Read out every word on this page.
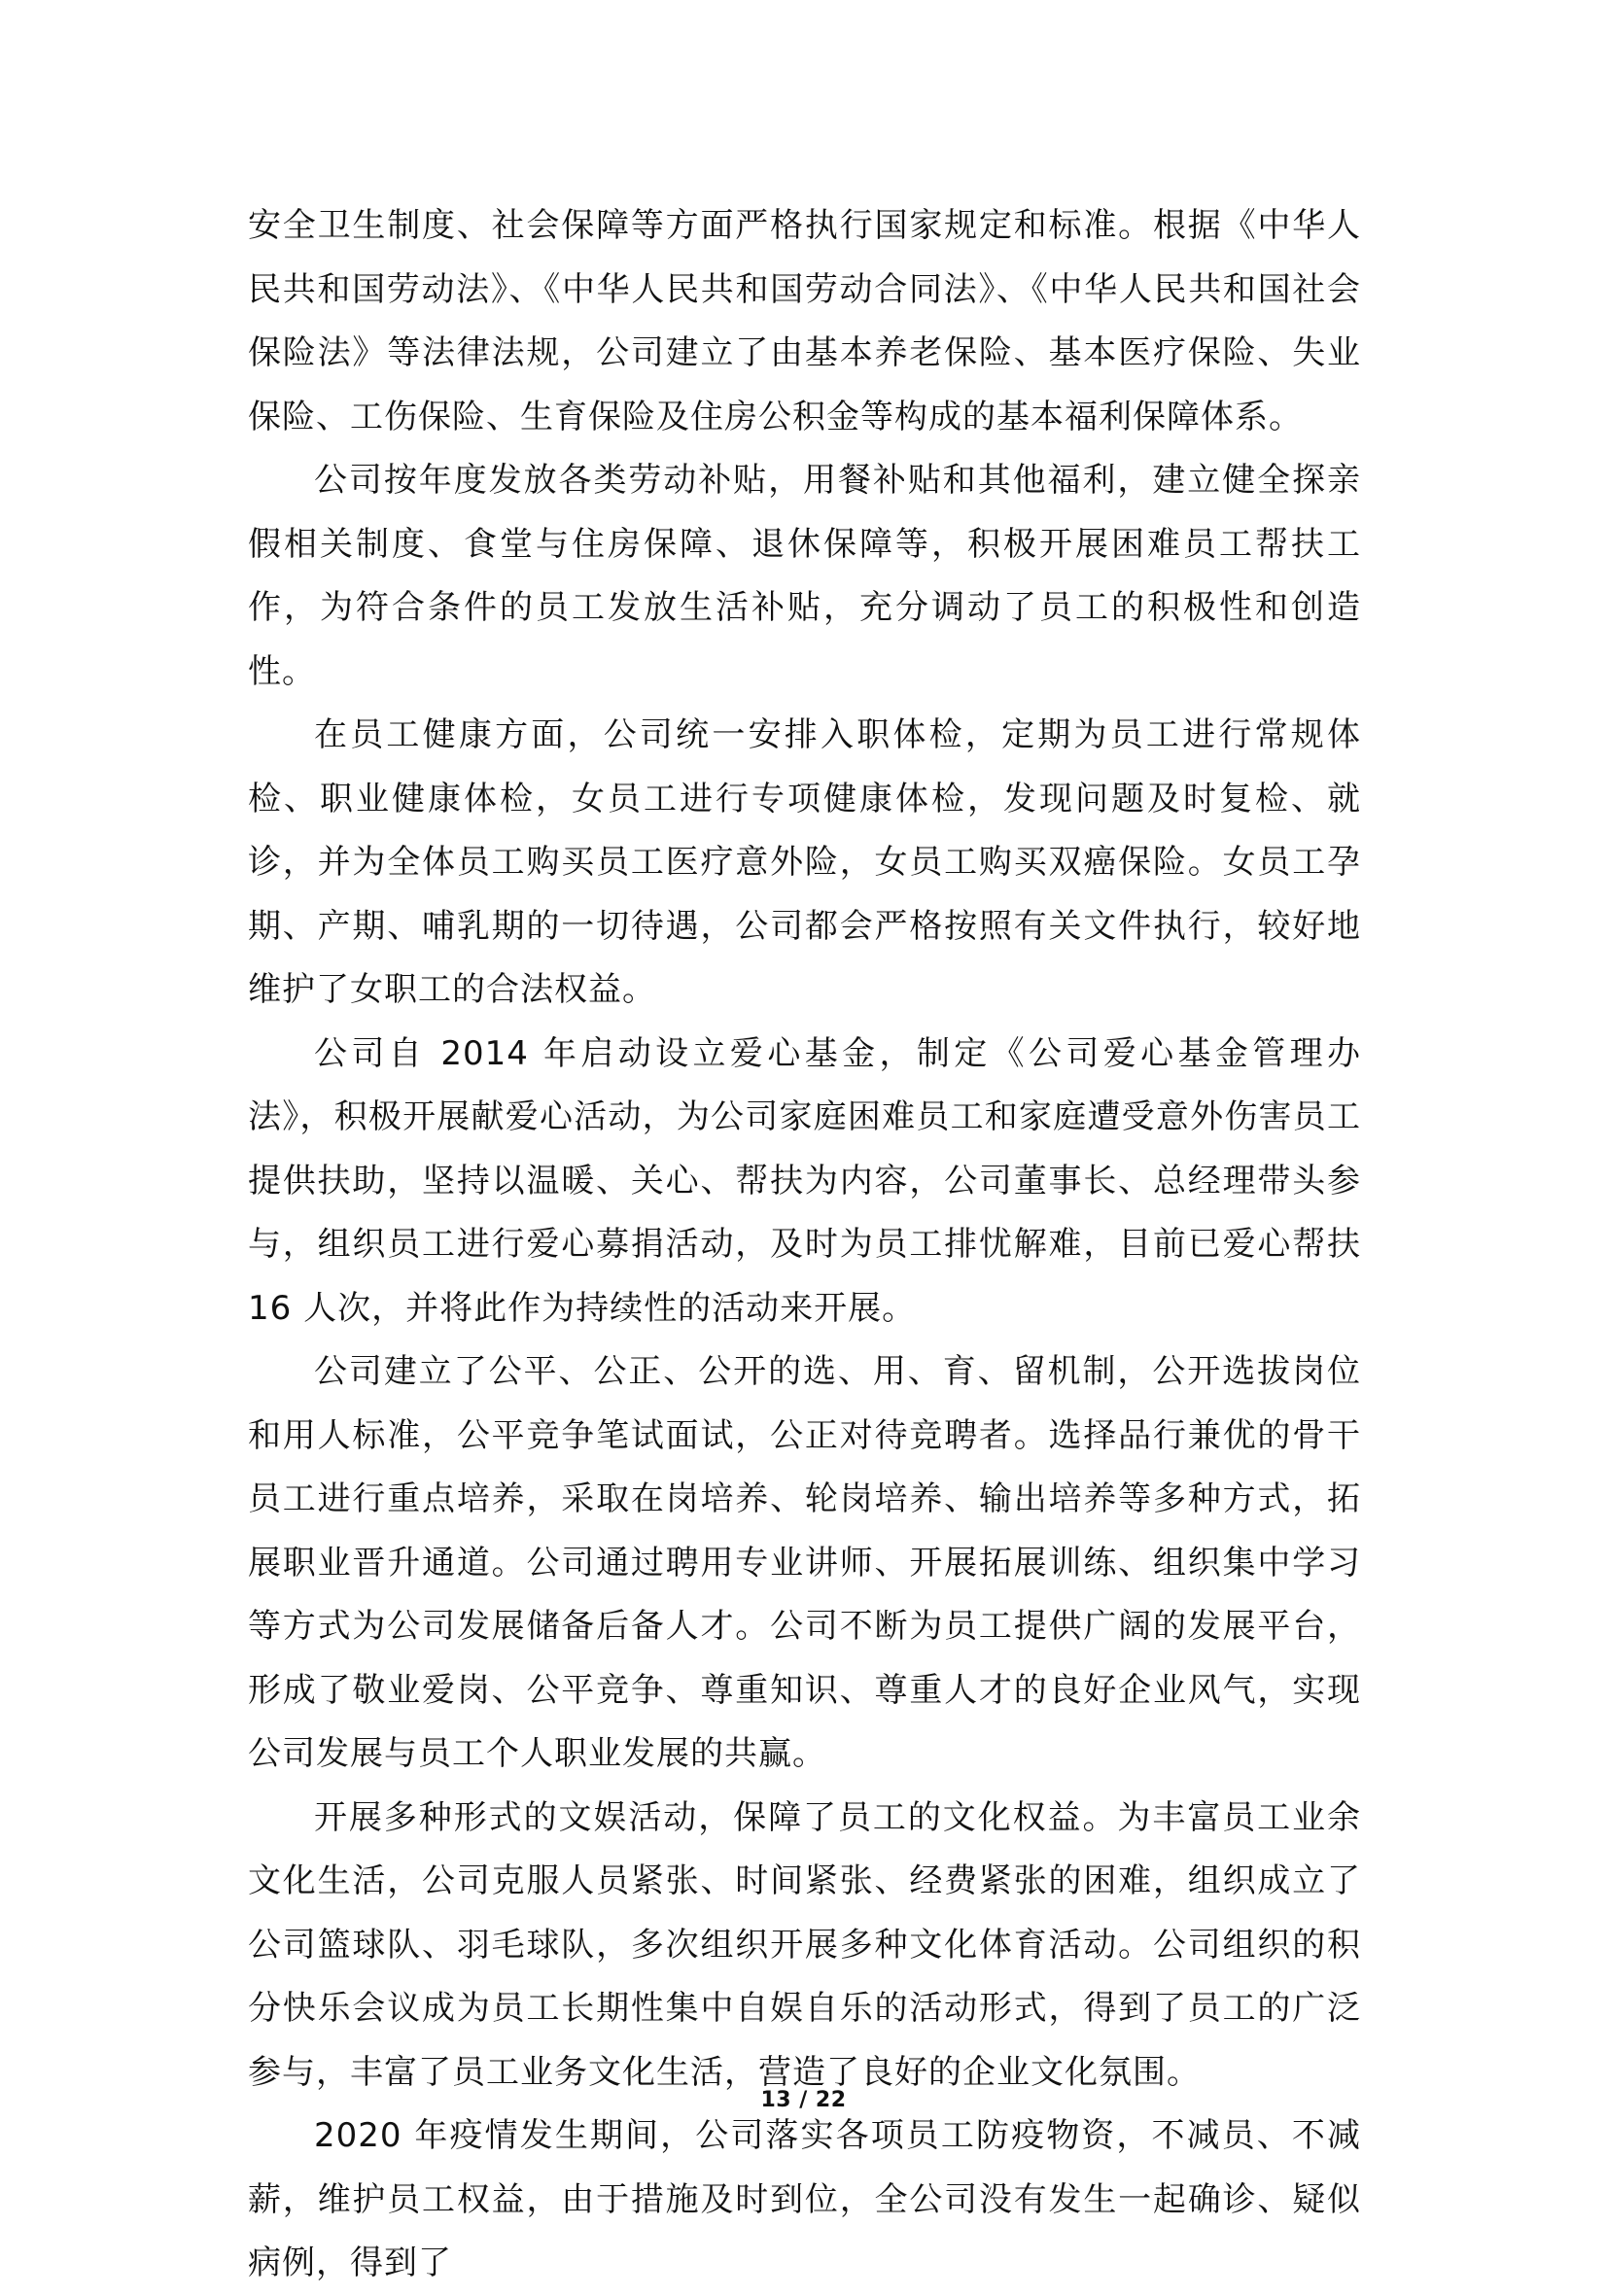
安全卫生制度、社会保障等方面严格执行国家规定和标准。根据《中华人民共和国劳动法》、《中华人民共和国劳动合同法》、《中华人民共和国社会保险法》等法律法规，公司建立了由基本养老保险、基本医疗保险、失业保险、工伤保险、生育保险及住房公积金等构成的基本福利保障体系。

公司按年度发放各类劳动补贴，用餐补贴和其他福利，建立健全探亲假相关制度、食堂与住房保障、退休保障等，积极开展困难员工帮扶工作，为符合条件的员工发放生活补贴，充分调动了员工的积极性和创造性。

在员工健康方面，公司统一安排入职体检，定期为员工进行常规体检、职业健康体检，女员工进行专项健康体检，发现问题及时复检、就诊，并为全体员工购买员工医疗意外险，女员工购买双癌保险。女员工孕期、产期、哺乳期的一切待遇，公司都会严格按照有关文件执行，较好地维护了女职工的合法权益。

公司自 2014 年启动设立爱心基金，制定《公司爱心基金管理办法》，积极开展献爱心活动，为公司家庭困难员工和家庭遭受意外伤害员工提供扶助，坚持以温暖、关心、帮扶为内容，公司董事长、总经理带头参与，组织员工进行爱心募捐活动，及时为员工排忧解难，目前已爱心帮扶 16 人次，并将此作为持续性的活动来开展。

公司建立了公平、公正、公开的选、用、育、留机制，公开选拔岗位和用人标准，公平竞争笔试面试，公正对待竞聘者。选择品行兼优的骨干员工进行重点培养，采取在岗培养、轮岗培养、输出培养等多种方式，拓展职业晋升通道。公司通过聘用专业讲师、开展拓展训练、组织集中学习等方式为公司发展储备后备人才。公司不断为员工提供广阔的发展平台，形成了敬业爱岗、公平竞争、尊重知识、尊重人才的良好企业风气，实现公司发展与员工个人职业发展的共赢。

开展多种形式的文娱活动，保障了员工的文化权益。为丰富员工业余文化生活，公司克服人员紧张、时间紧张、经费紧张的困难，组织成立了公司篮球队、羽毛球队，多次组织开展多种文化体育活动。公司组织的积分快乐会议成为员工长期性集中自娱自乐的活动形式，得到了员工的广泛参与，丰富了员工业务文化生活，营造了良好的企业文化氛围。

2020 年疫情发生期间，公司落实各项员工防疫物资，不减员、不减薪，维护员工权益，由于措施及时到位，全公司没有发生一起确诊、疑似病例，得到了

13 / 22
